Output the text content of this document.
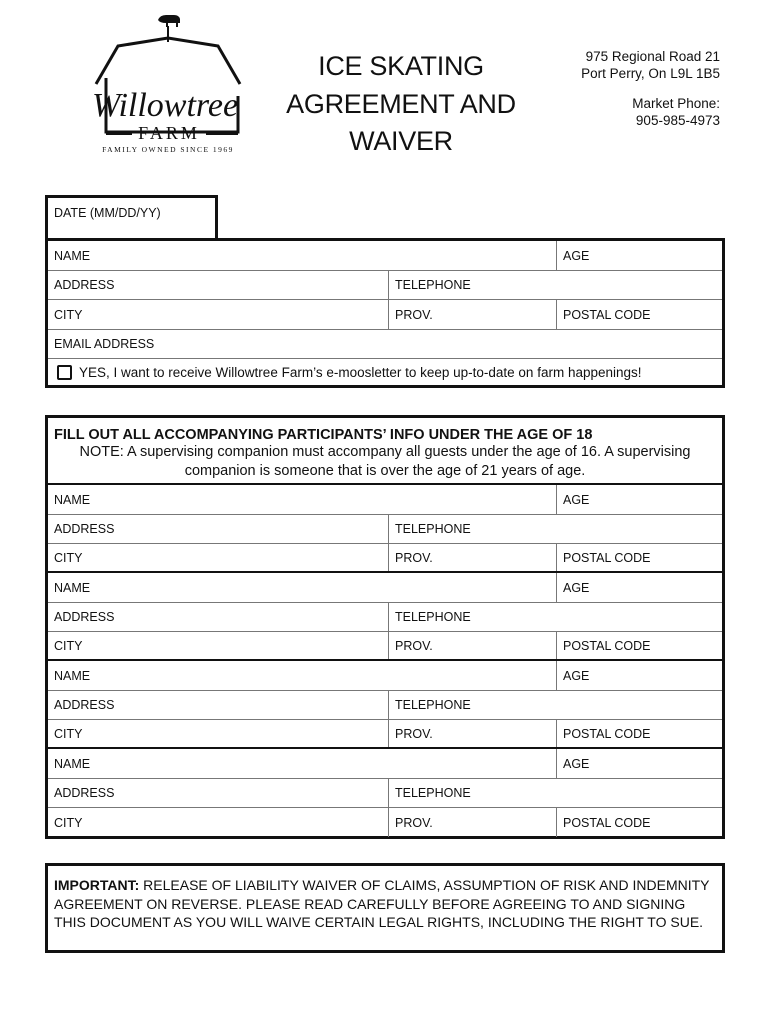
Willowtree
FARM
FAMILY OWNED SINCE 1969
ICE SKATING
AGREEMENT AND
WAIVER
975 Regional Road 21
Port Perry, On L9L 1B5
Market Phone:
905-985-4973
DATE (MM/DD/YY)
NAME	AGE
ADDRESS	TELEPHONE
CITY	PROV.	POSTAL CODE
EMAIL ADDRESS
YES, I want to receive Willowtree Farm’s e-moosletter to keep up-to-date on farm happenings!
FILL OUT ALL ACCOMPANYING PARTICIPANTS’ INFO UNDER THE AGE OF 18
NOTE: A supervising companion must accompany all guests under the age of 16. A supervising
companion is someone that is over the age of 21 years of age.
NAME	AGE
ADDRESS	TELEPHONE
CITY	PROV.	POSTAL CODE
NAME	AGE
ADDRESS	TELEPHONE
CITY	PROV.	POSTAL CODE
NAME	AGE
ADDRESS	TELEPHONE
CITY	PROV.	POSTAL CODE
NAME	AGE
ADDRESS	TELEPHONE
CITY	PROV.	POSTAL CODE
IMPORTANT: RELEASE OF LIABILITY WAIVER OF CLAIMS, ASSUMPTION OF RISK AND INDEMNITY AGREEMENT ON REVERSE. PLEASE READ CAREFULLY BEFORE AGREEING TO AND SIGNING THIS DOCUMENT AS YOU WILL WAIVE CERTAIN LEGAL RIGHTS, INCLUDING THE RIGHT TO SUE.
